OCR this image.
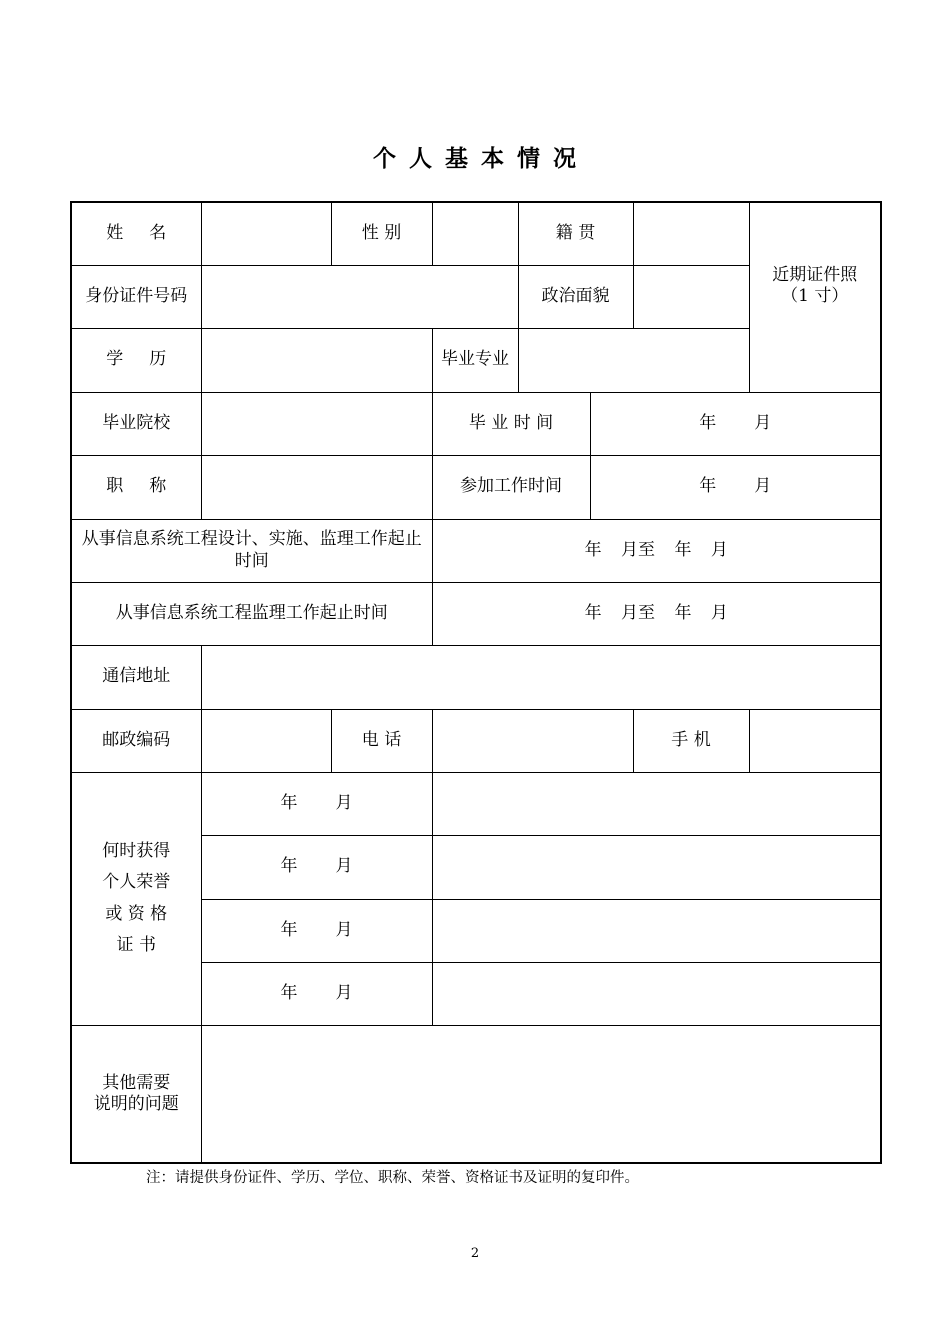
个 人 基 本 情 况
姓 名		性 别		籍 贯			近期证件照
（1 寸）

身份证件号码				政治面貌			
学 历			毕业专业				
毕业院校			毕 业 时 间		年 月		
职 称			参加工作时间		年 月		
从事信息系统工程设计、实施、监理工作起止时间			年 月至 年 月				
从事信息系统工程监理工作起止时间			年 月至 年 月				
通信地址							
邮政编码		电 话				手 机	

何时获得
个人荣誉
或 资 格
证 书	年 月						
	年 月						
	年 月						
	年 月						

其他需要
说明的问题							

注：请提供身份证件、学历、学位、职称、荣誉、资格证书及证明的复印件。
2
